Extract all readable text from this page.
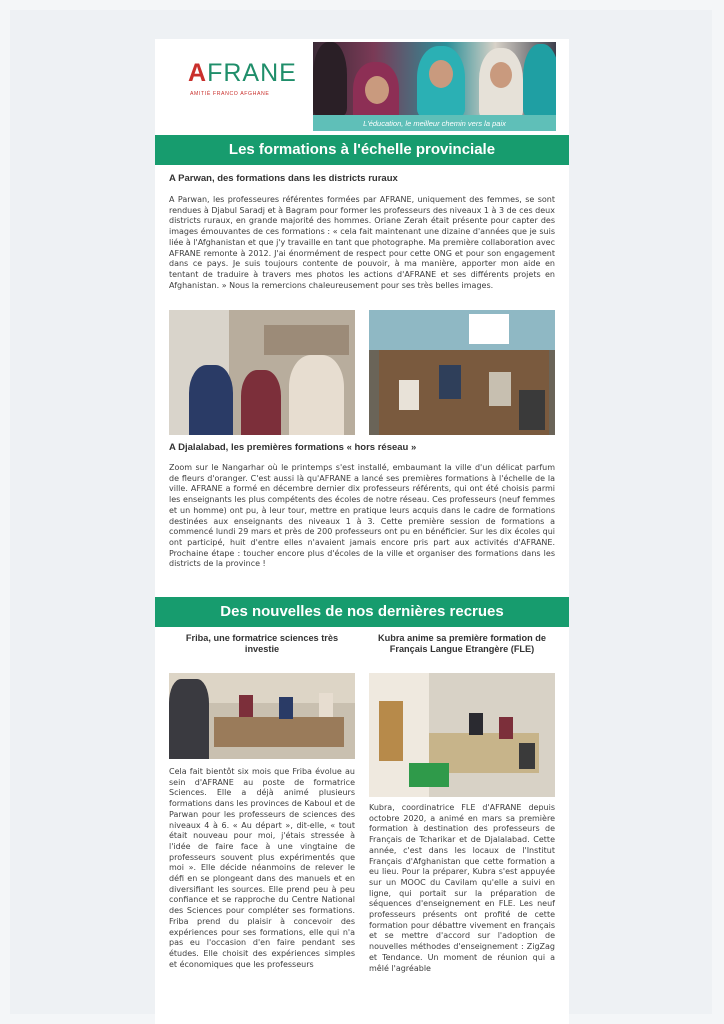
AFRANE
AMITIÉ FRANCO AFGHANE
L'éducation, le meilleur chemin vers la paix
Les formations à l'échelle provinciale
A Parwan, des formations dans les districts ruraux
A Parwan, les professeures référentes formées par AFRANE, uniquement des femmes, se sont rendues à Djabul Saradj et à Bagram pour former les professeurs des niveaux 1 à 3 de ces deux districts ruraux, en grande majorité des hommes. Oriane Zerah était présente pour capter des images émouvantes de ces formations : « cela fait maintenant une dizaine d'années que je suis liée à l'Afghanistan et que j'y travaille en tant que photographe. Ma première collaboration avec AFRANE remonte à 2012. J'ai énormément de respect pour cette ONG et pour son engagement dans ce pays. Je suis toujours contente de pouvoir, à ma manière, apporter mon aide en tentant de traduire à travers mes photos les actions d'AFRANE et ses différents projets en Afghanistan. » Nous la remercions chaleureusement pour ses très belles images.
A Djalalabad, les premières formations « hors réseau »
Zoom sur le Nangarhar où le printemps s'est installé, embaumant la ville d'un délicat parfum de fleurs d'oranger. C'est aussi là qu'AFRANE a lancé ses premières formations à l'échelle de la ville. AFRANE a formé en décembre dernier dix professeurs référents, qui ont été choisis parmi les enseignants les plus compétents des écoles de notre réseau. Ces professeurs (neuf femmes et un homme) ont pu, à leur tour, mettre en pratique leurs acquis dans le cadre de formations destinées aux enseignants des niveaux 1 à 3. Cette première session de formations a commencé lundi 29 mars et près de 200 professeurs ont pu en bénéficier. Sur les dix écoles qui ont participé, huit d'entre elles n'avaient jamais encore pris part aux activités d'AFRANE. Prochaine étape : toucher encore plus d'écoles de la ville et organiser des formations dans les districts de la province !
Des nouvelles de nos dernières recrues
Friba, une formatrice sciences très investie
Cela fait bientôt six mois que Friba évolue au sein d'AFRANE au poste de formatrice Sciences. Elle a déjà animé plusieurs formations dans les provinces de Kaboul et de Parwan pour les professeurs de sciences des niveaux 4 à 6. « Au départ », dit-elle, « tout était nouveau pour moi, j'étais stressée à l'idée de faire face à une vingtaine de professeurs souvent plus expérimentés que moi ». Elle décide néanmoins de relever le défi en se plongeant dans des manuels et en diversifiant les sources. Elle prend peu à peu confiance et se rapproche du Centre National des Sciences pour compléter ses formations. Friba prend du plaisir à concevoir des expériences pour ses formations, elle qui n'a pas eu l'occasion d'en faire pendant ses études. Elle choisit des expériences simples et économiques que les professeurs
Kubra anime sa première formation de Français Langue Etrangère (FLE)
Kubra, coordinatrice FLE d'AFRANE depuis octobre 2020, a animé en mars sa première formation à destination des professeurs de Français de Tcharikar et de Djalalabad. Cette année, c'est dans les locaux de l'Institut Français d'Afghanistan que cette formation a eu lieu. Pour la préparer, Kubra s'est appuyée sur un MOOC du Cavilam qu'elle a suivi en ligne, qui portait sur la préparation de séquences d'enseignement en FLE. Les neuf professeurs présents ont profité de cette formation pour débattre vivement en français et se mettre d'accord sur l'adoption de nouvelles méthodes d'enseignement : ZigZag et Tendance. Un moment de réunion qui a mêlé l'agréable
